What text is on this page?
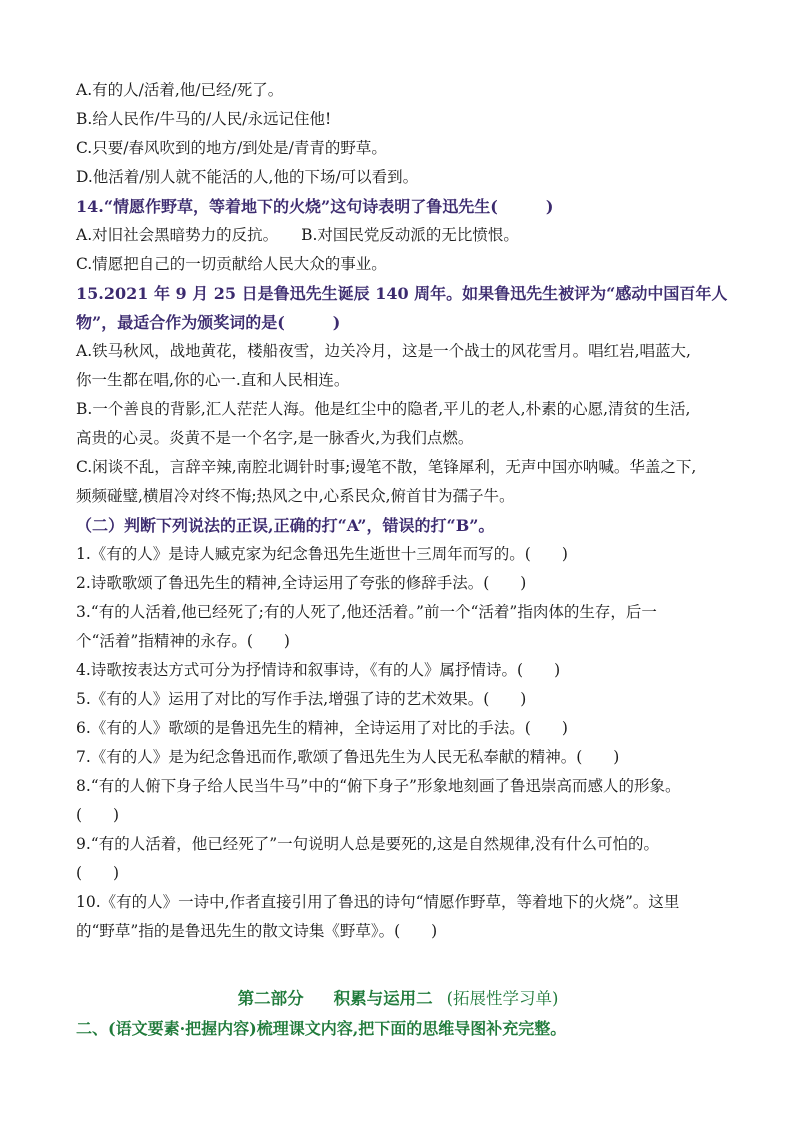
A.有的人/活着,他/已经/死了。
B.给人民作/牛马的/人民/永远记住他!
C.只要/春风吹到的地方/到处是/青青的野草。
D.他活着/别人就不能活的人,他的下场/可以看到。
14.“情愿作野草，等着地下的火烧”这句诗表明了鲁迅先生(　　　)
A.对旧社会黑暗势力的反抗。 B.对国民党反动派的无比愤恨。
C.情愿把自己的一切贡献给人民大众的事业。
15.2021 年 9 月 25 日是鲁迅先生诞辰 140 周年。如果鲁迅先生被评为“感动中国百年人
物”，最适合作为颁奖词的是(　　　)
A.铁马秋风，战地黄花，楼船夜雪，边关冷月，这是一个战士的风花雪月。唱红岩,唱蓝大,
你一生都在唱,你的心一.直和人民相连。
B.一个善良的背影,汇人茫茫人海。他是红尘中的隐者,平儿的老人,朴素的心愿,清贫的生活,
高贵的心灵。炎黄不是一个名字,是一脉香火,为我们点燃。
C.闲谈不乱，言辞辛辣,南腔北调针时事;谩笔不散，笔锋犀利，无声中国亦呐喊。华盖之下,
频频碰璧,横眉冷对终不悔;热风之中,心系民众,俯首甘为孺子牛。
（二）判断下列说法的正误,正确的打“A”，错误的打“B”。
1.《有的人》是诗人臧克家为纪念鲁迅先生逝世十三周年而写的。(　　)
2.诗歌歌颂了鲁迅先生的精神,全诗运用了夸张的修辞手法。(　　)
3.“有的人活着,他已经死了;有的人死了,他还活着。”前一个“活着”指肉体的生存，后一
个“活着”指精神的永存。(　　)
4.诗歌按表达方式可分为抒情诗和叙事诗，《有的人》属抒情诗。(　　)
5.《有的人》运用了对比的写作手法,增强了诗的艺术效果。(　　)
6.《有的人》歌颂的是鲁迅先生的精神，全诗运用了对比的手法。(　　)
7.《有的人》是为纪念鲁迅而作,歌颂了鲁迅先生为人民无私奉献的精神。(　　)
8.“有的人俯下身子给人民当牛马”中的“俯下身子”形象地刻画了鲁迅崇高而感人的形象。
(　　)
9.“有的人活着，他已经死了”一句说明人总是要死的,这是自然规律,没有什么可怕的。
(　　)
10.《有的人》一诗中,作者直接引用了鲁迅的诗句“情愿作野草，等着地下的火烧”。这里
的“野草”指的是鲁迅先生的散文诗集《野草》。(　　)
第二部分 积累与运用二 (拓展性学习单)
二、(语文要素·把握内容)梳理课文内容,把下面的思维导图补充完整。
